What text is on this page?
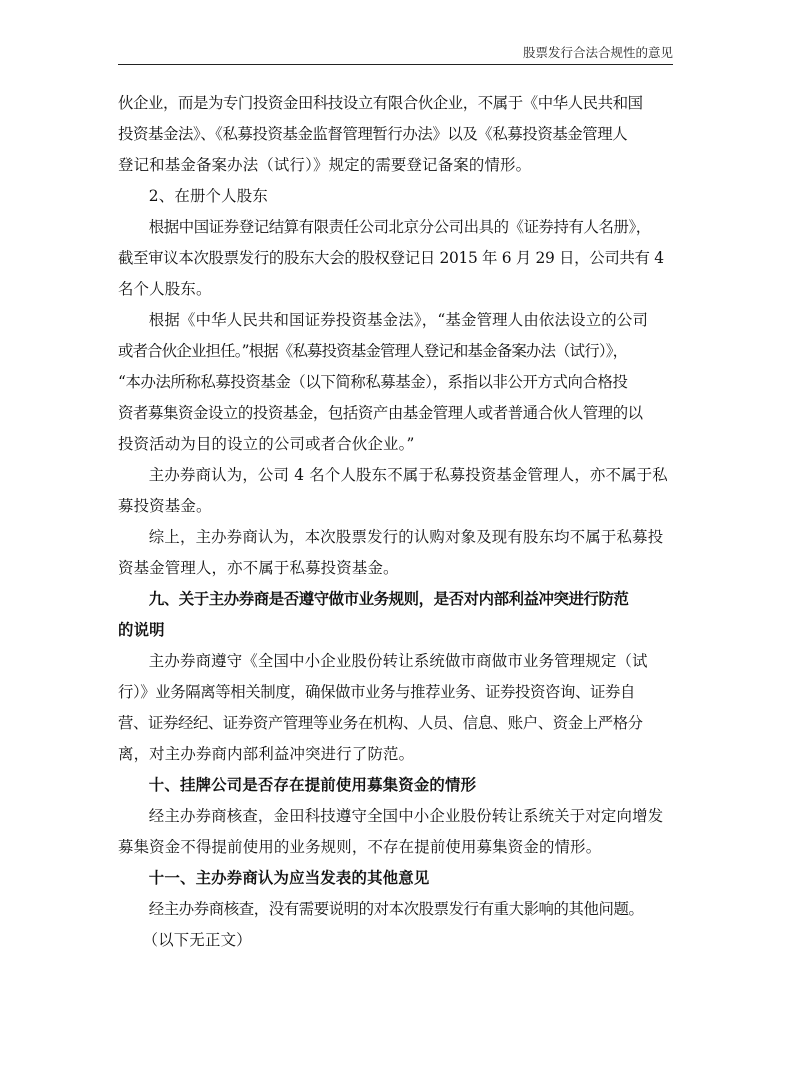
股票发行合法合规性的意见

伙企业，而是为专门投资金田科技设立有限合伙企业，不属于《中华人民共和国
投资基金法》、《私募投资基金监督管理暂行办法》以及《私募投资基金管理人
登记和基金备案办法（试行）》规定的需要登记备案的情形。

2、在册个人股东

根据中国证券登记结算有限责任公司北京分公司出具的《证券持有人名册》，
截至审议本次股票发行的股东大会的股权登记日 2015 年 6 月 29 日，公司共有 4
名个人股东。

根据《中华人民共和国证券投资基金法》，“基金管理人由依法设立的公司
或者合伙企业担任。”根据《私募投资基金管理人登记和基金备案办法（试行）》，
“本办法所称私募投资基金（以下简称私募基金），系指以非公开方式向合格投
资者募集资金设立的投资基金，包括资产由基金管理人或者普通合伙人管理的以
投资活动为目的设立的公司或者合伙企业。”

主办券商认为，公司 4 名个人股东不属于私募投资基金管理人，亦不属于私
募投资基金。

综上，主办券商认为，本次股票发行的认购对象及现有股东均不属于私募投
资基金管理人，亦不属于私募投资基金。

九、关于主办券商是否遵守做市业务规则，是否对内部利益冲突进行防范
的说明

主办券商遵守《全国中小企业股份转让系统做市商做市业务管理规定（试
行）》业务隔离等相关制度，确保做市业务与推荐业务、证券投资咨询、证券自
营、证券经纪、证券资产管理等业务在机构、人员、信息、账户、资金上严格分
离，对主办券商内部利益冲突进行了防范。

十、挂牌公司是否存在提前使用募集资金的情形

经主办券商核查，金田科技遵守全国中小企业股份转让系统关于对定向增发
募集资金不得提前使用的业务规则，不存在提前使用募集资金的情形。

十一、主办券商认为应当发表的其他意见

经主办券商核查，没有需要说明的对本次股票发行有重大影响的其他问题。

（以下无正文）
